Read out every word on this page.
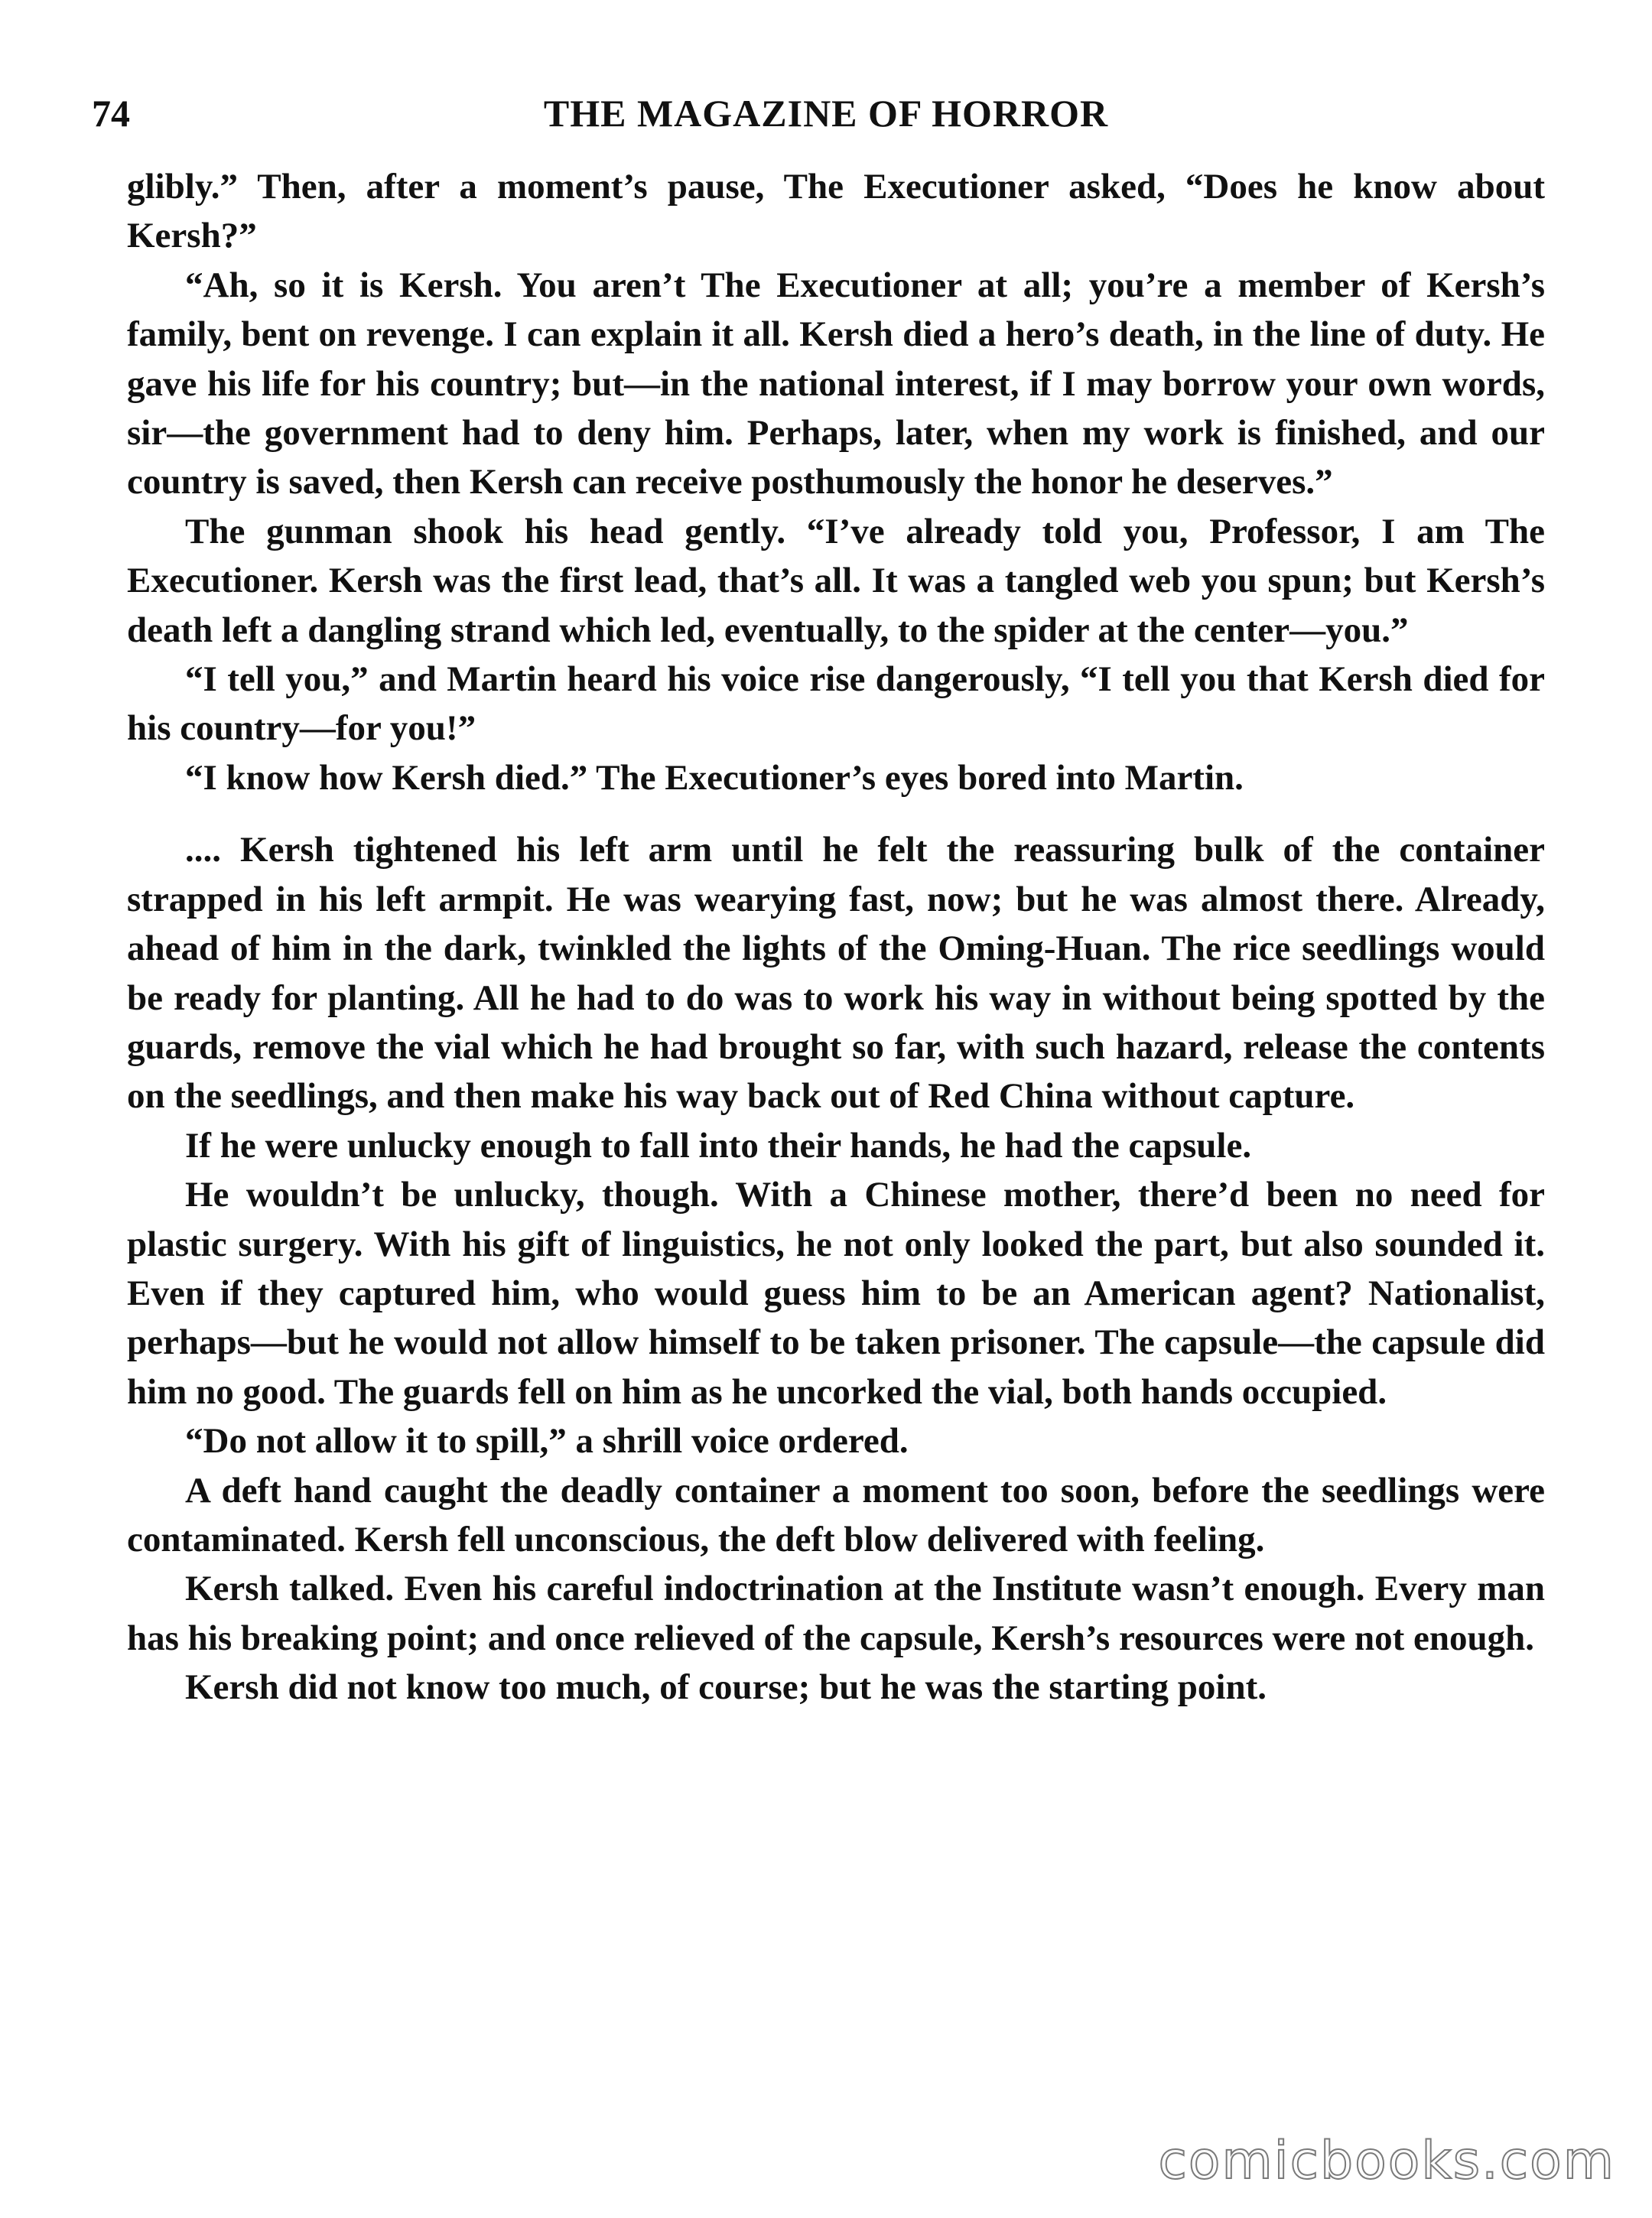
74	THE MAGAZINE OF HORROR

glibly.” Then, after a moment’s pause, The Executioner asked, “Does he know about Kersh?”

“Ah, so it is Kersh. You aren’t The Executioner at all; you’re a member of Kersh’s family, bent on revenge. I can explain it all. Kersh died a hero’s death, in the line of duty. He gave his life for his country; but—in the national interest, if I may borrow your own words, sir—the government had to deny him. Perhaps, later, when my work is finished, and our country is saved, then Kersh can receive posthumously the honor he deserves.”

The gunman shook his head gently. “I’ve already told you, Professor, I am The Executioner. Kersh was the first lead, that’s all. It was a tangled web you spun; but Kersh’s death left a dangling strand which led, eventually, to the spider at the center—you.”

“I tell you,” and Martin heard his voice rise dangerously, “I tell you that Kersh died for his country—for you!”

“I know how Kersh died.” The Executioner’s eyes bored into Martin.

.... Kersh tightened his left arm until he felt the reassuring bulk of the container strapped in his left armpit. He was wearying fast, now; but he was almost there. Already, ahead of him in the dark, twinkled the lights of the Oming-Huan. The rice seedlings would be ready for planting. All he had to do was to work his way in without being spotted by the guards, remove the vial which he had brought so far, with such hazard, release the contents on the seedlings, and then make his way back out of Red China without capture.

If he were unlucky enough to fall into their hands, he had the capsule.

He wouldn’t be unlucky, though. With a Chinese mother, there’d been no need for plastic surgery. With his gift of linguistics, he not only looked the part, but also sounded it. Even if they captured him, who would guess him to be an American agent? Nationalist, perhaps—but he would not allow himself to be taken prisoner. The capsule—the capsule did him no good. The guards fell on him as he uncorked the vial, both hands occupied.

“Do not allow it to spill,” a shrill voice ordered.

A deft hand caught the deadly container a moment too soon, before the seedlings were contaminated. Kersh fell unconscious, the deft blow delivered with feeling.

Kersh talked. Even his careful indoctrination at the Institute wasn’t enough. Every man has his breaking point; and once relieved of the capsule, Kersh’s resources were not enough.

Kersh did not know too much, of course; but he was the starting point.

comicbooks.com
